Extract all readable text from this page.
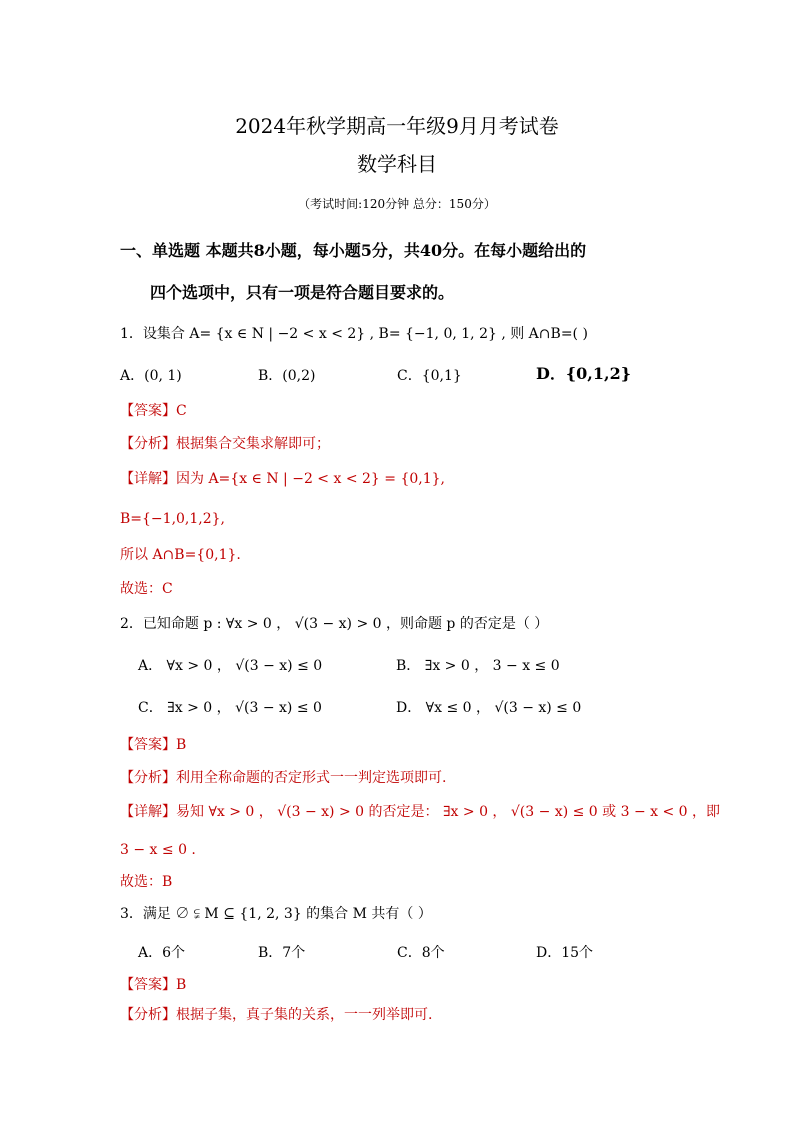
2024年秋学期高一年级9月月考试卷
数学科目
（考试时间:120分钟 总分：150分）
一、单选题 本题共8小题，每小题5分，共40分。在每小题给出的
四个选项中，只有一项是符合题目要求的。
1．设集合 A= {x ∈ N | −2 < x < 2} , B= {−1, 0, 1, 2} , 则 A∩B=( )
A．(0, 1)	B．(0,2)	C．{0,1}	D．{0,1,2}
【答案】C
【分析】根据集合交集求解即可；
【详解】因为 A={x ∈ N | −2 < x < 2} = {0,1},
B={−1,0,1,2},
所以 A∩B={0,1}.
故选：C
2．已知命题 p : ∀x > 0 ， √(3 − x) > 0 ，则命题 p 的否定是（ ）
A． ∀x > 0 ， √(3 − x) ≤ 0	B． ∃x > 0 ， 3 − x ≤ 0
C． ∃x > 0 ， √(3 − x) ≤ 0	D． ∀x ≤ 0 ， √(3 − x) ≤ 0
【答案】B
【分析】利用全称命题的否定形式一一判定选项即可.
【详解】易知 ∀x > 0 ， √(3 − x) > 0 的否定是： ∃x > 0 ， √(3 − x) ≤ 0 或 3 − x < 0 ，即
3 − x ≤ 0 .
故选：B
3．满足 ∅ ⫋ M ⊆ {1, 2, 3} 的集合 M 共有（ ）
A．6个	B．7个	C．8个	D．15个
【答案】B
【分析】根据子集，真子集的关系，一一列举即可.
